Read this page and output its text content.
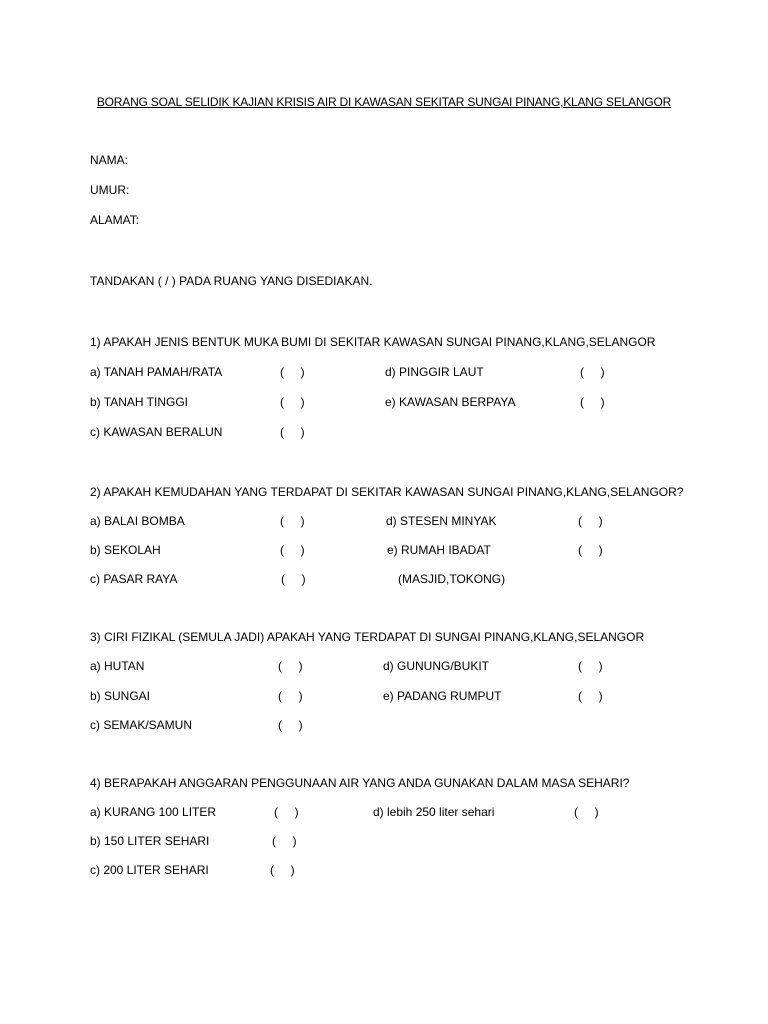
BORANG SOAL SELIDIK KAJIAN KRISIS AIR DI KAWASAN SEKITAR SUNGAI PINANG,KLANG SELANGOR
NAMA:
UMUR:
ALAMAT:
TANDAKAN ( / ) PADA RUANG YANG DISEDIAKAN.
1) APAKAH JENIS BENTUK MUKA BUMI DI SEKITAR KAWASAN SUNGAI PINANG,KLANG,SELANGOR
a) TANAH PAMAH/RATA	(     )	d) PINGGIR LAUT	(     )
b) TANAH TINGGI	(     )	e) KAWASAN BERPAYA	(     )
c) KAWASAN BERALUN	(     )
2) APAKAH KEMUDAHAN YANG TERDAPAT DI SEKITAR KAWASAN SUNGAI PINANG,KLANG,SELANGOR?
a) BALAI BOMBA	(     )	d) STESEN MINYAK	(     )
b) SEKOLAH	(     )	e) RUMAH IBADAT	(     )
c) PASAR RAYA	(     )	(MASJID,TOKONG)
3) CIRI FIZIKAL (SEMULA JADI) APAKAH YANG TERDAPAT DI SUNGAI PINANG,KLANG,SELANGOR
a) HUTAN	(     )	d) GUNUNG/BUKIT	(     )
b) SUNGAI	(     )	e) PADANG RUMPUT	(     )
c) SEMAK/SAMUN	(     )
4) BERAPAKAH ANGGARAN PENGGUNAAN AIR YANG ANDA GUNAKAN DALAM MASA SEHARI?
a) KURANG 100 LITER	(     )	d) lebih 250 liter sehari	(     )
b) 150 LITER SEHARI	(     )
c) 200 LITER SEHARI	(     )
